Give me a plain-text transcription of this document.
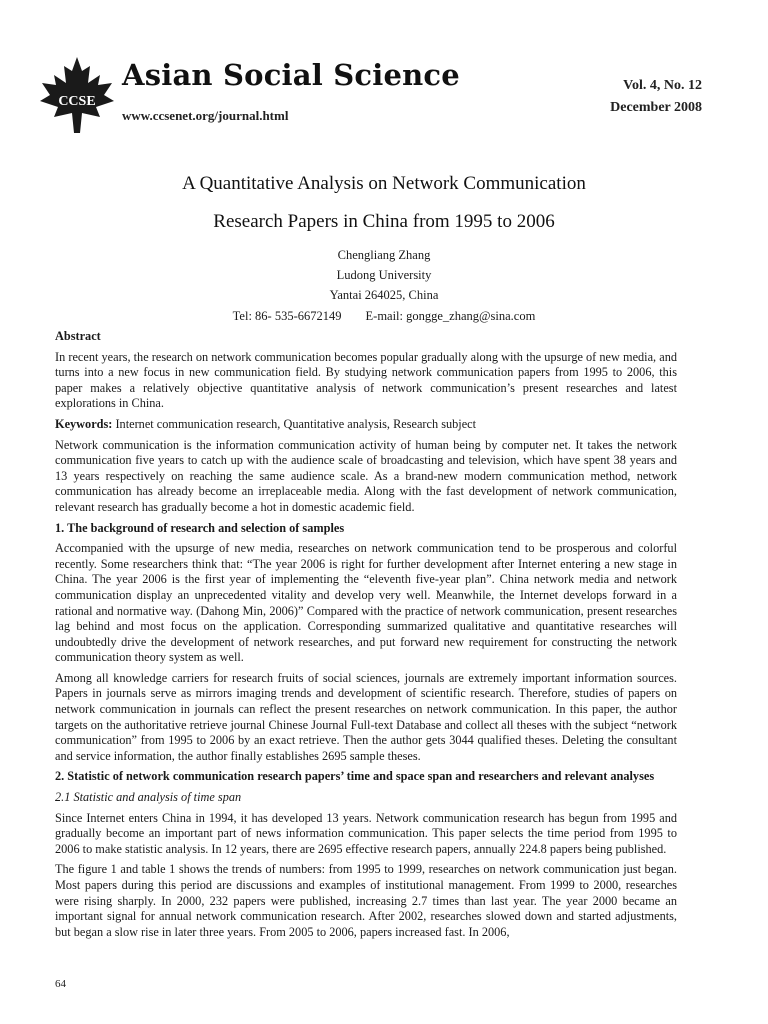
CCSE
Asian Social Science
www.ccsenet.org/journal.html
Vol. 4, No. 12
December 2008
A Quantitative Analysis on Network Communication
Research Papers in China from 1995 to 2006
Chengliang Zhang
Ludong University
Yantai 264025, China
Tel: 86- 535-6672149 E-mail: gongge_zhang@sina.com
Abstract

In recent years, the research on network communication becomes popular gradually along with the upsurge of new media, and turns into a new focus in new communication field. By studying network communication papers from 1995 to 2006, this paper makes a relatively objective quantitative analysis of network communication’s present researches and latest explorations in China.

Keywords: Internet communication research, Quantitative analysis, Research subject

Network communication is the information communication activity of human being by computer net. It takes the network communication five years to catch up with the audience scale of broadcasting and television, which have spent 38 years and 13 years respectively on reaching the same audience scale. As a brand-new modern communication method, network communication has already become an irreplaceable media. Along with the fast development of network communication, relevant research has gradually become a hot in domestic academic field.

1. The background of research and selection of samples

Accompanied with the upsurge of new media, researches on network communication tend to be prosperous and colorful recently. Some researchers think that: “The year 2006 is right for further development after Internet entering a new stage in China. The year 2006 is the first year of implementing the “eleventh five-year plan”. China network media and network communication display an unprecedented vitality and develop very well. Meanwhile, the Internet develops forward in a rational and normative way. (Dahong Min, 2006)” Compared with the practice of network communication, present researches lag behind and most focus on the application. Corresponding summarized qualitative and quantitative researches will undoubtedly drive the development of network researches, and put forward new requirement for constructing the network communication theory system as well.

Among all knowledge carriers for research fruits of social sciences, journals are extremely important information sources. Papers in journals serve as mirrors imaging trends and development of scientific research. Therefore, studies of papers on network communication in journals can reflect the present researches on network communication. In this paper, the author targets on the authoritative retrieve journal Chinese Journal Full-text Database and collect all theses with the subject “network communication” from 1995 to 2006 by an exact retrieve. Then the author gets 3044 qualified theses. Deleting the consultant and service information, the author finally establishes 2695 sample theses.

2. Statistic of network communication research papers’ time and space span and researchers and relevant analyses
2.1 Statistic and analysis of time span

Since Internet enters China in 1994, it has developed 13 years. Network communication research has begun from 1995 and gradually become an important part of news information communication. This paper selects the time period from 1995 to 2006 to make statistic analysis. In 12 years, there are 2695 effective research papers, annually 224.8 papers being published.

The figure 1 and table 1 shows the trends of numbers: from 1995 to 1999, researches on network communication just began. Most papers during this period are discussions and examples of institutional management. From 1999 to 2000, researches were rising sharply. In 2000, 232 papers were published, increasing 2.7 times than last year. The year 2000 became an important signal for annual network communication research. After 2002, researches slowed down and started adjustments, but began a slow rise in later three years. From 2005 to 2006, papers increased fast. In 2006,

64
